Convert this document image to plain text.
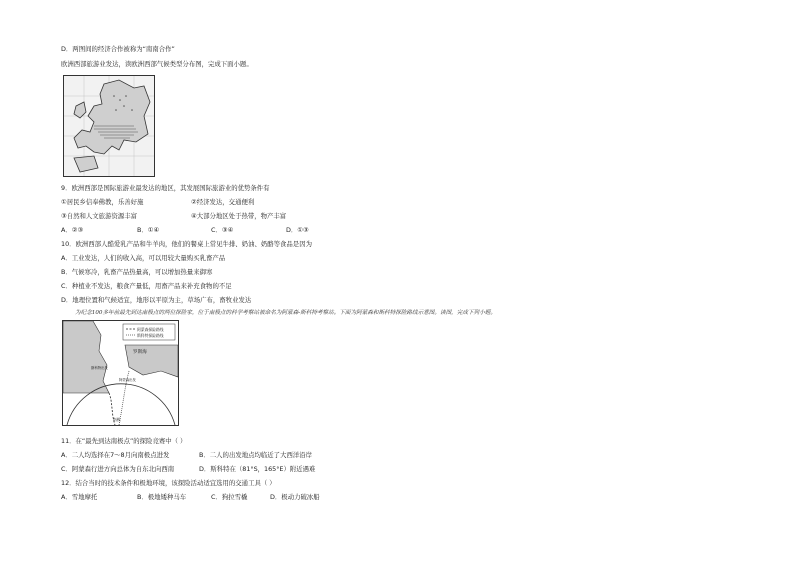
D．两图间的经济合作被称为“南南合作”
欧洲西部旅游业发达，读欧洲西部气候类型分布图，完成下面小题。
9．欧洲西部是国际旅游业最发达的地区，其发展国际旅游业的优势条件有
①居民乡信奉佛教，乐善好施	②经济发达，交通便利
③自然和人文旅游资源丰富	④大部分地区处于热带，物产丰富
A．②③	B．①④	C．③④	D．①③
10．欧洲西部人酷爱乳产品和牛羊肉，他们的餐桌上常见牛排、奶油、奶酪等食品是因为
A．工业发达，人们的收入高，可以用较大量购买乳畜产品
B．气候寒冷，乳畜产品热量高，可以增加热量来御寒
C．种植业不发达，粮食产量低，用畜产品来补充食物的不足
D．地理位置和气候适宜，地形以平原为主，草场广布，畜牧业发达
为纪念100多年前最先到达南极点的两位探险家，位于南极点的科学考察站被命名为阿蒙森-斯科特考察站。下面为阿蒙森和斯科特探险路线示意图。读图，完成下列小题。
阿蒙森探险路线
斯科特探险路线
罗斯海
斯科特出发
阿蒙森出发
南极
11．在“最先到达南极点”的探险竞赛中（ ）
A．二人均选择在7～8月向南极点进发	B．二人的出发地点均临近了大西洋沿岸
C．阿蒙森行进方向总体为自东北向西南	D．斯科特在（81°S，165°E）附近遇难
12．结合当时的技术条件和极地环境，该探险活动适宜选用的交通工具（ ）
A．雪地摩托	B．极地矮种马车	C．狗拉雪橇	D．极动力破冰船
